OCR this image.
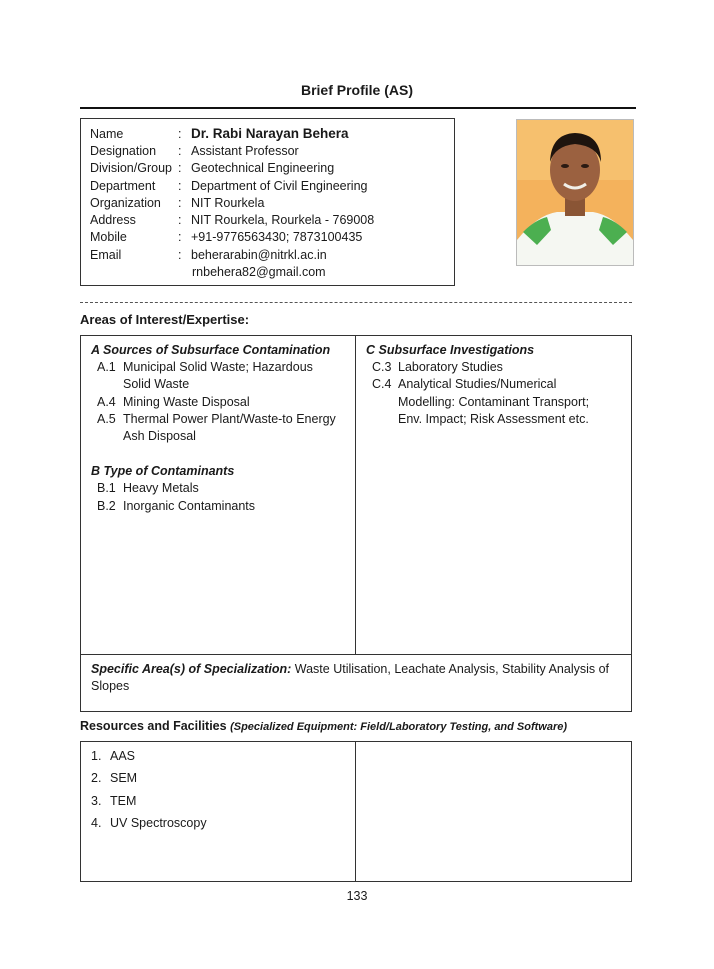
Brief Profile (AS)
Name	: Dr. Rabi Narayan Behera
Designation : Assistant Professor
Division/Group : Geotechnical Engineering
Department : Department of Civil Engineering
Organization : NIT Rourkela
Address	: NIT Rourkela, Rourkela - 769008
Mobile	: +91-9776563430; 7873100435
Email	: beherarabin@nitrkl.ac.in
rnbehera82@gmail.com
Areas of Interest/Expertise:
A Sources of Subsurface Contamination
A.1 Municipal Solid Waste; Hazardous
Solid Waste
A.4 Mining Waste Disposal
A.5 Thermal Power Plant/Waste-to Energy
Ash Disposal
B Type of Contaminants
B.1 Heavy Metals
B.2 Inorganic Contaminants
C Subsurface Investigations
C.3 Laboratory Studies
C.4 Analytical Studies/Numerical
Modelling: Contaminant Transport;
Env. Impact; Risk Assessment etc.
Specific Area(s) of Specialization: Waste Utilisation, Leachate Analysis, Stability Analysis of Slopes
Resources and Facilities (Specialized Equipment: Field/Laboratory Testing, and Software)
1. AAS
2. SEM
3. TEM
4. UV Spectroscopy
133
